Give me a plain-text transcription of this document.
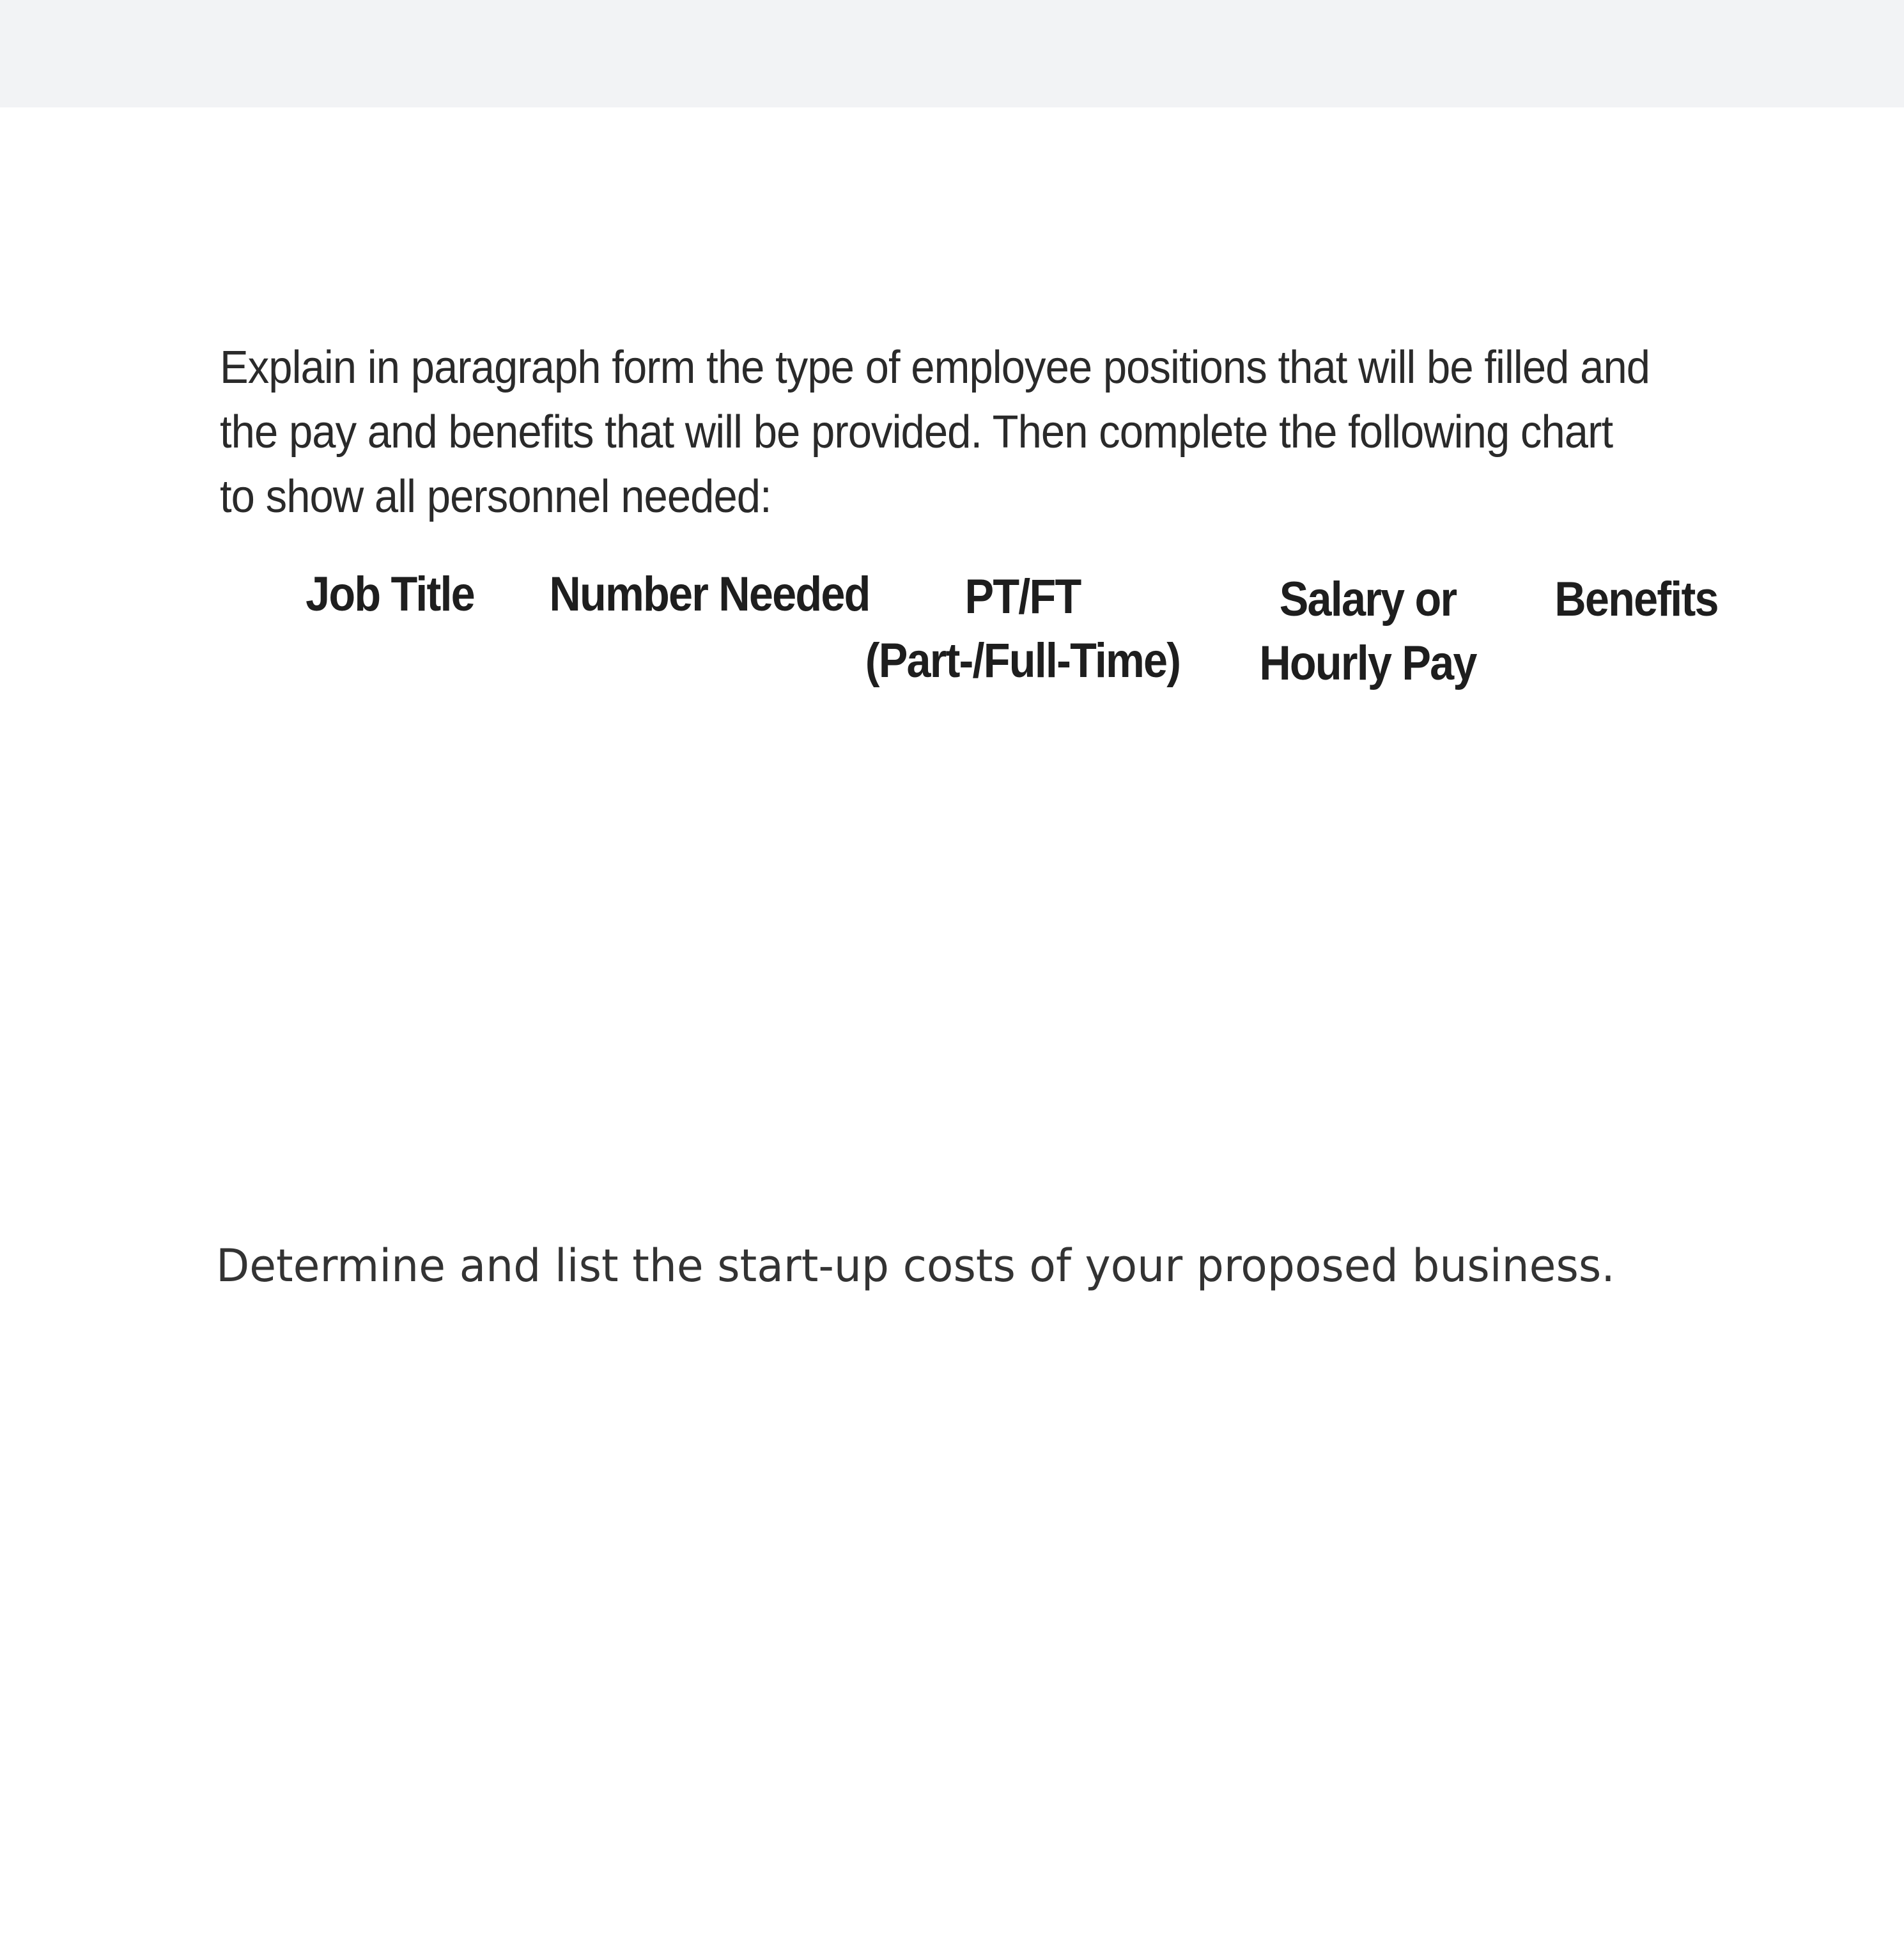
Explain in paragraph form the type of employee positions that will be filled and the pay and benefits that will be provided. Then complete the following chart to show all personnel needed:

Job Title Number Needed	PT/FT
(Part-/Full-Time)
Salary or
Hourly Pay
Benefits

Determine and list the start-up costs of your proposed business.
